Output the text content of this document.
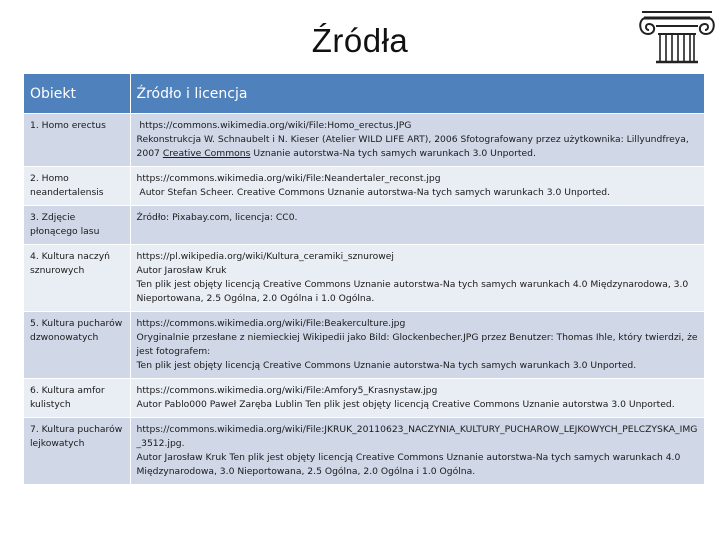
Źródła
Obiekt	Źródło i licencja
1. Homo erectus	https://commons.wikimedia.org/wiki/File:Homo_erectus.JPG
Rekonstrukcja W. Schnaubelt i N. Kieser (Atelier WILD LIFE ART), 2006 Sfotografowany przez użytkownika: Lillyundfreya, 2007 Creative Commons Uznanie autorstwa-Na tych samych warunkach 3.0 Unported.

2. Homo neandertalensis	https://commons.wikimedia.org/wiki/File:Neandertaler_reconst.jpg
Autor Stefan Scheer. Creative Commons Uznanie autorstwa-Na tych samych warunkach 3.0 Unported.

3. Zdjęcie płonącego lasu	Źródło: Pixabay.com, licencja: CC0.

4. Kultura naczyń sznurowych	https://pl.wikipedia.org/wiki/Kultura_ceramiki_sznurowej
Autor Jarosław Kruk
Ten plik jest objęty licencją Creative Commons Uznanie autorstwa-Na tych samych warunkach 4.0 Międzynarodowa, 3.0 Nieportowana, 2.5 Ogólna, 2.0 Ogólna i 1.0 Ogólna.

5. Kultura pucharów dzwonowatych	https://commons.wikimedia.org/wiki/File:Beakerculture.jpg
Oryginalnie przesłane z niemieckiej Wikipedii jako Bild: Glockenbecher.JPG przez Benutzer: Thomas Ihle, który twierdzi, że jest fotografem:
Ten plik jest objęty licencją Creative Commons Uznanie autorstwa-Na tych samych warunkach 3.0 Unported.

6. Kultura amfor kulistych	https://commons.wikimedia.org/wiki/File:Amfory5_Krasnystaw.jpg
Autor Pablo000 Paweł Zaręba Lublin Ten plik jest objęty licencją Creative Commons Uznanie autorstwa 3.0 Unported.

7. Kultura pucharów lejkowatych	https://commons.wikimedia.org/wiki/File:JKRUK_20110623_NACZYNIA_KULTURY_PUCHAROW_LEJKOWYCH_PELCZYSKA_IMG_3512.jpg.
Autor Jarosław Kruk Ten plik jest objęty licencją Creative Commons Uznanie autorstwa-Na tych samych warunkach 4.0 Międzynarodowa, 3.0 Nieportowana, 2.5 Ogólna, 2.0 Ogólna i 1.0 Ogólna.
